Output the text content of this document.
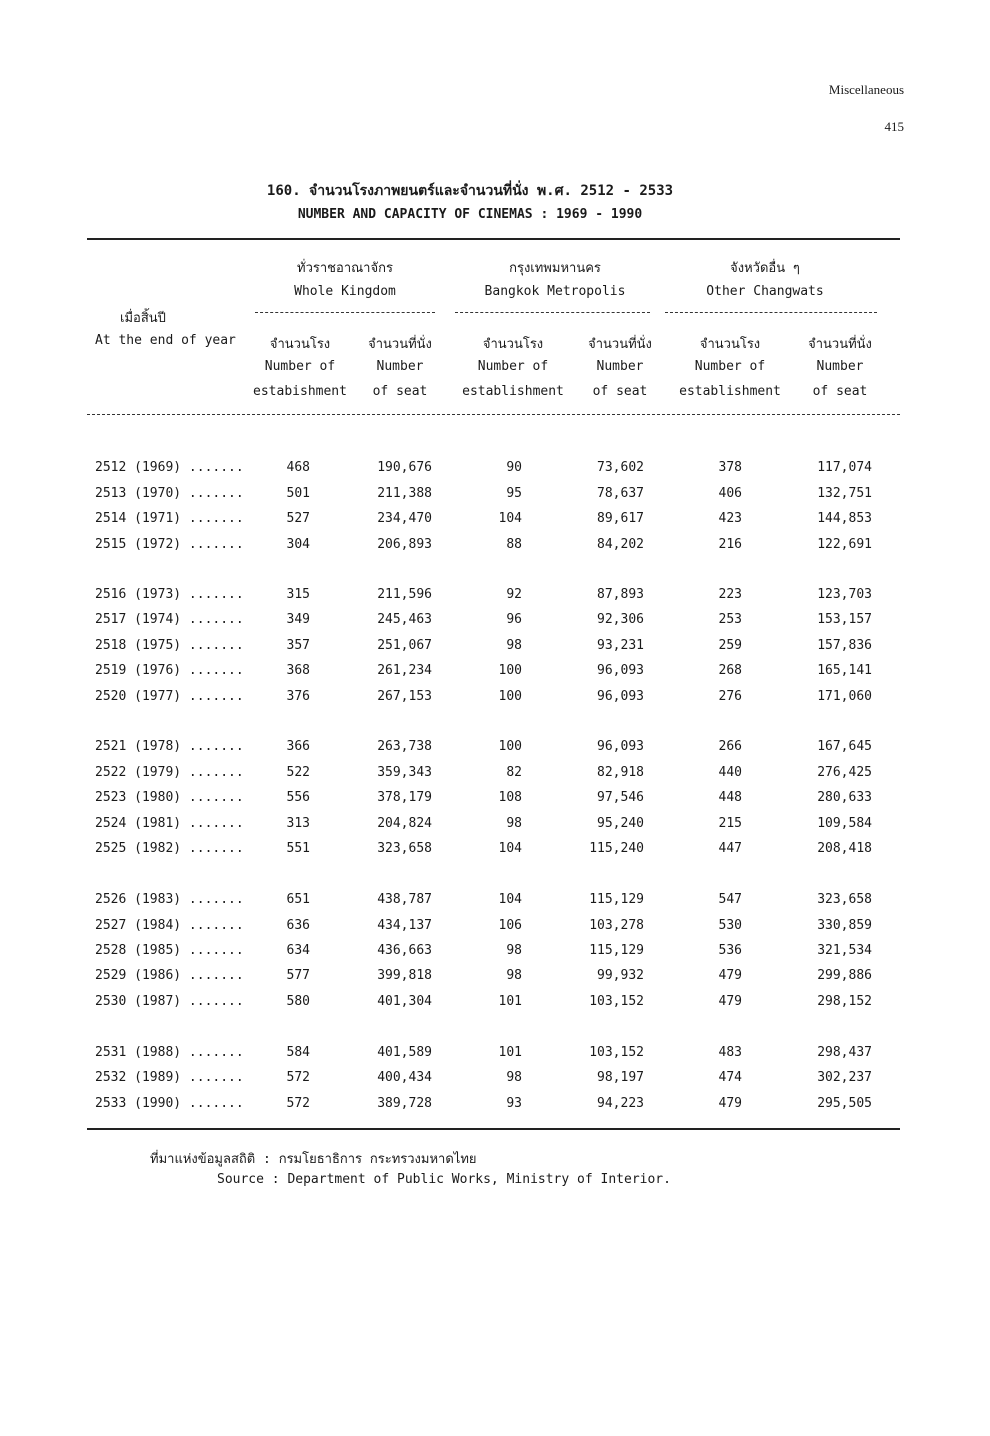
Miscellaneous
415
160. จำนวนโรงภาพยนตร์และจำนวนที่นั่ง พ.ศ. 2512 - 2533
NUMBER AND CAPACITY OF CINEMAS : 1969 - 1990
ทั่วราชอาณาจักร
Whole Kingdom
กรุงเทพมหานคร
Bangkok Metropolis
จังหวัดอื่น ๆ
Other Changwats
เมื่อสิ้นปี
At the end of year	จำนวนโรง
Number of
estabishment
จำนวนที่นั่ง
Number
of seat
จำนวนโรง
Number of
establishment
จำนวนที่นั่ง
Number
of seat
จำนวนโรง
Number of
establishment
จำนวนที่นั่ง
Number
of seat
2512 (1969) .......	468	190,676	90	73,602	378	117,074
2513 (1970) .......	501	211,388	95	78,637	406	132,751
2514 (1971) .......	527	234,470	104	89,617	423	144,853
2515 (1972) .......	304	206,893	88	84,202	216	122,691
2516 (1973) .......	315	211,596	92	87,893	223	123,703
2517 (1974) .......	349	245,463	96	92,306	253	153,157
2518 (1975) .......	357	251,067	98	93,231	259	157,836
2519 (1976) .......	368	261,234	100	96,093	268	165,141
2520 (1977) .......	376	267,153	100	96,093	276	171,060
2521 (1978) .......	366	263,738	100	96,093	266	167,645
2522 (1979) .......	522	359,343	82	82,918	440	276,425
2523 (1980) .......	556	378,179	108	97,546	448	280,633
2524 (1981) .......	313	204,824	98	95,240	215	109,584
2525 (1982) .......	551	323,658	104	115,240	447	208,418
2526 (1983) .......	651	438,787	104	115,129	547	323,658
2527 (1984) .......	636	434,137	106	103,278	530	330,859
2528 (1985) .......	634	436,663	98	115,129	536	321,534
2529 (1986) .......	577	399,818	98	99,932	479	299,886
2530 (1987) .......	580	401,304	101	103,152	479	298,152
2531 (1988) .......	584	401,589	101	103,152	483	298,437
2532 (1989) .......	572	400,434	98	98,197	474	302,237
2533 (1990) .......	572	389,728	93	94,223	479	295,505
ที่มาแห่งข้อมูลสถิติ : กรมโยธาธิการ กระทรวงมหาดไทย
Source : Department of Public Works, Ministry of Interior.
